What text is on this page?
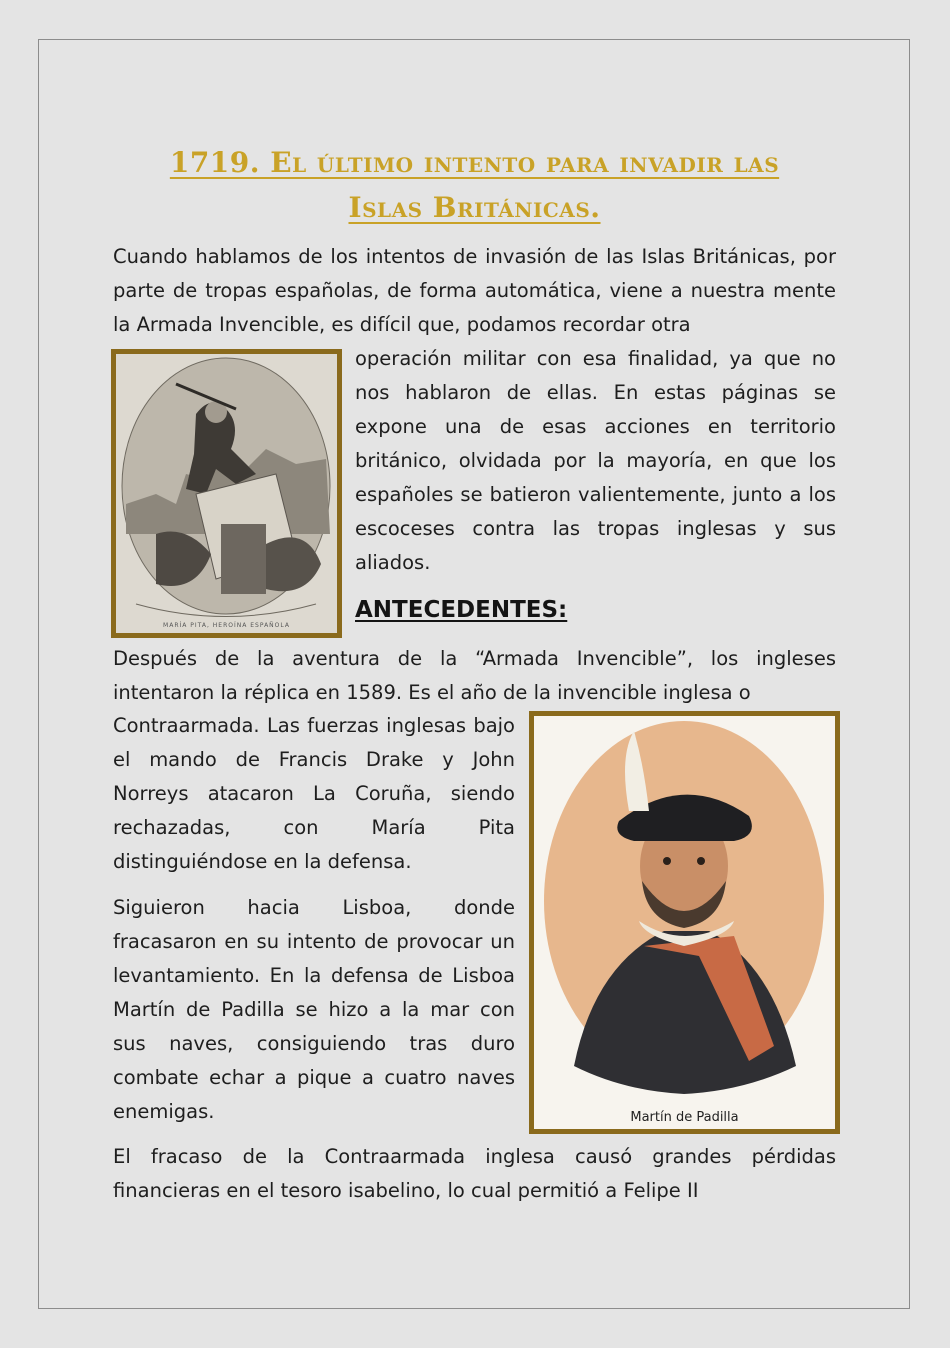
1719. El último intento para invadir las
Islas Británicas.

Cuando hablamos de los intentos de invasión de las Islas Británicas, por parte de tropas españolas, de forma automática, viene a nuestra mente la Armada Invencible, es difícil que, podamos recordar otra

MARÍA PITA, HEROÍNA ESPAÑOLA

operación militar con esa finalidad, ya que no nos hablaron de ellas. En estas páginas se expone una de esas acciones en territorio británico, olvidada por la mayoría, en que los españoles se batieron valientemente, junto a los escoceses contra las tropas inglesas y sus aliados.

ANTECEDENTES:

Después de la aventura de la “Armada Invencible”, los ingleses intentaron la réplica en 1589. Es el año de la invencible inglesa o

Contraarmada. Las fuerzas inglesas bajo el mando de Francis Drake y John Norreys atacaron La Coruña, siendo rechazadas, con María Pita distinguiéndose en la defensa.

Siguieron hacia Lisboa, donde fracasaron en su intento de provocar un levantamiento. En la defensa de Lisboa Martín de Padilla se hizo a la mar con sus naves, consiguiendo tras duro combate echar a pique a cuatro naves enemigas.	Martín de Padilla

El fracaso de la Contraarmada inglesa causó grandes pérdidas financieras en el tesoro isabelino, lo cual permitió a Felipe II
